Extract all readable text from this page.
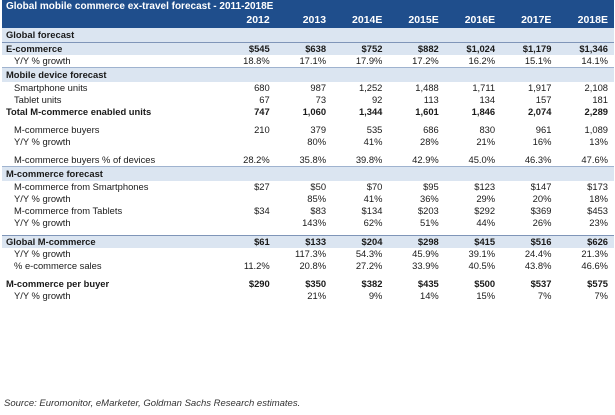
Global mobile commerce ex-travel forecast - 2011-2018E							
	2012	2013	2014E	2015E	2016E	2017E	2018E
Global forecast							
E-commerce	$545	$638	$752	$882	$1,024	$1,179	$1,346
Y/Y % growth	18.8%	17.1%	17.9%	17.2%	16.2%	15.1%	14.1%
Mobile device forecast							
Smartphone units	680	987	1,252	1,488	1,711	1,917	2,108
Tablet units	67	73	92	113	134	157	181
Total M-commerce enabled units	747	1,060	1,344	1,601	1,846	2,074	2,289

M-commerce buyers	210	379	535	686	830	961	1,089
Y/Y % growth		80%	41%	28%	21%	16%	13%

M-commerce buyers % of devices	28.2%	35.8%	39.8%	42.9%	45.0%	46.3%	47.6%
M-commerce forecast							
M-commerce from Smartphones	$27	$50	$70	$95	$123	$147	$173
Y/Y % growth		85%	41%	36%	29%	20%	18%
M-commerce from Tablets	$34	$83	$134	$203	$292	$369	$453
Y/Y % growth		143%	62%	51%	44%	26%	23%

Global M-commerce	$61	$133	$204	$298	$415	$516	$626
Y/Y % growth		117.3%	54.3%	45.9%	39.1%	24.4%	21.3%
% e-commerce sales	11.2%	20.8%	27.2%	33.9%	40.5%	43.8%	46.6%

M-commerce per buyer	$290	$350	$382	$435	$500	$537	$575
Y/Y % growth		21%	9%	14%	15%	7%	7%
Source: Euromonitor, eMarketer, Goldman Sachs Research estimates.
